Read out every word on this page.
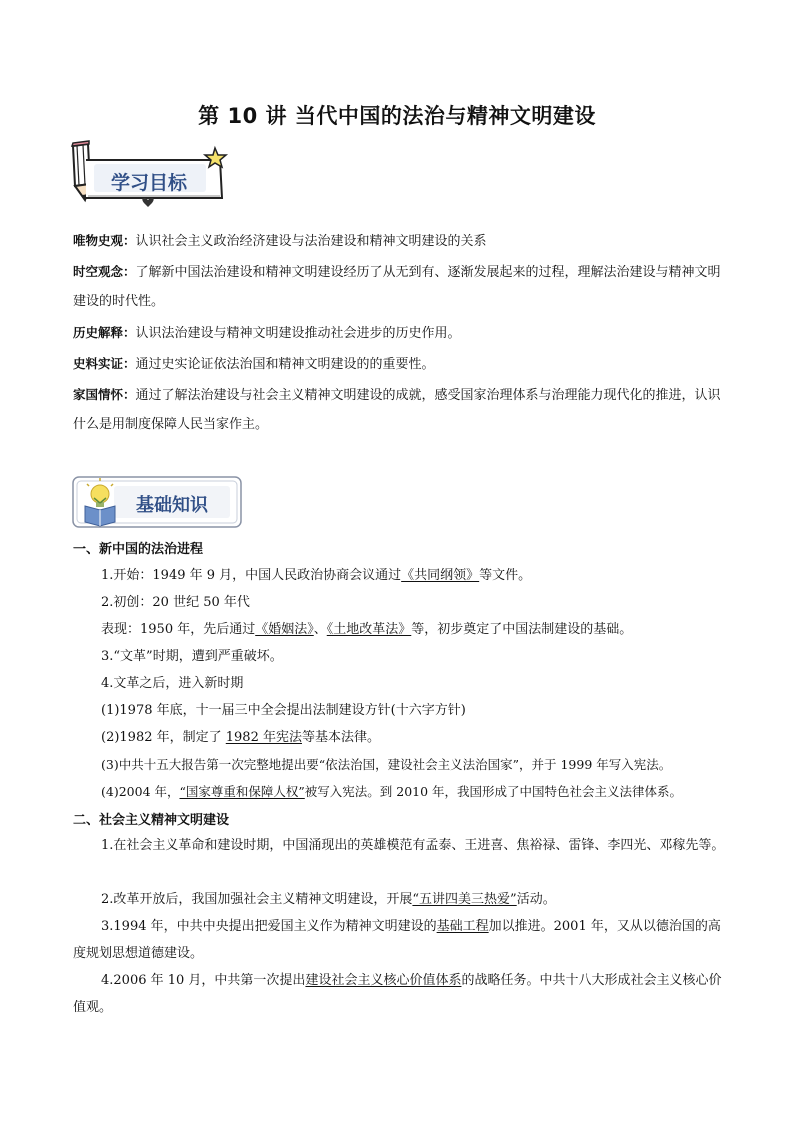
第 10 讲 当代中国的法治与精神文明建设
学习目标

唯物史观：认识社会主义政治经济建设与法治建设和精神文明建设的关系

时空观念：了解新中国法治建设和精神文明建设经历了从无到有、逐渐发展起来的过程，理解法治建设与精神文明建设的时代性。

历史解释：认识法治建设与精神文明建设推动社会进步的历史作用。

史料实证：通过史实论证依法治国和精神文明建设的的重要性。

家国情怀：通过了解法治建设与社会主义精神文明建设的成就，感受国家治理体系与治理能力现代化的推进，认识什么是用制度保障人民当家作主。

基础知识
一、新中国的法治进程

1.开始：1949 年 9 月，中国人民政治协商会议通过《共同纲领》等文件。

2.初创：20 世纪 50 年代

表现：1950 年，先后通过《婚姻法》、《土地改革法》等，初步奠定了中国法制建设的基础。

3.“文革”时期，遭到严重破坏。

4.文革之后，进入新时期

(1)1978 年底，十一届三中全会提出法制建设方针(十六字方针)

(2)1982 年，制定了 1982 年宪法等基本法律。

(3)中共十五大报告第一次完整地提出要“依法治国，建设社会主义法治国家”，并于 1999 年写入宪法。

(4)2004 年，“国家尊重和保障人权”被写入宪法。到 2010 年，我国形成了中国特色社会主义法律体系。

二、社会主义精神文明建设

1.在社会主义革命和建设时期，中国涌现出的英雄模范有孟泰、王进喜、焦裕禄、雷锋、李四光、邓稼先等。

2.改革开放后，我国加强社会主义精神文明建设，开展“五讲四美三热爱”活动。

3.1994 年，中共中央提出把爱国主义作为精神文明建设的基础工程加以推进。2001 年，又从以德治国的高度规划思想道德建设。

4.2006 年 10 月，中共第一次提出建设社会主义核心价值体系的战略任务。中共十八大形成社会主义核心价值观。
